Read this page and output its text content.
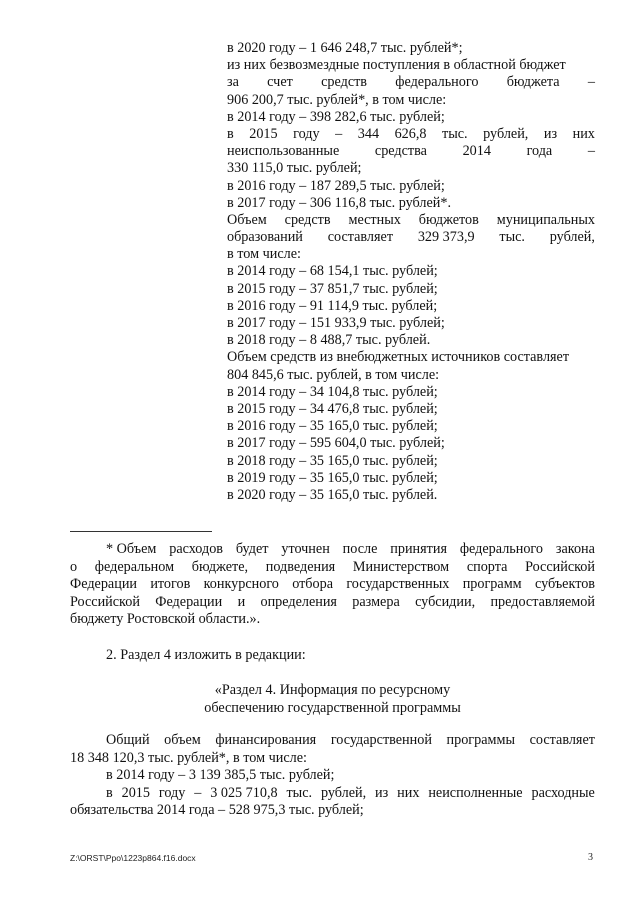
в 2020 году – 1 646 248,7 тыс. рублей*;
из них безвозмездные поступления в областной бюджет
за счет средств федерального бюджета –
906 200,7 тыс. рублей*, в том числе:
в 2014 году – 398 282,6 тыс. рублей;
в 2015 году – 344 626,8 тыс. рублей, из них
неиспользованные	средства	2014	года	–
330 115,0 тыс. рублей;
в 2016 году – 187 289,5 тыс. рублей;
в 2017 году – 306 116,8 тыс. рублей*.
Объем средств местных бюджетов муниципальных
образований составляет 329 373,9 тыс. рублей,
в том числе:
в 2014 году – 68 154,1 тыс. рублей;
в 2015 году – 37 851,7 тыс. рублей;
в 2016 году – 91 114,9 тыс. рублей;
в 2017 году – 151 933,9 тыс. рублей;
в 2018 году – 8 488,7 тыс. рублей.
Объем средств из внебюджетных источников составляет
804 845,6 тыс. рублей, в том числе:
в 2014 году – 34 104,8 тыс. рублей;
в 2015 году – 34 476,8 тыс. рублей;
в 2016 году – 35 165,0 тыс. рублей;
в 2017 году – 595 604,0 тыс. рублей;
в 2018 году – 35 165,0 тыс. рублей;
в 2019 году – 35 165,0 тыс. рублей;
в 2020 году – 35 165,0 тыс. рублей.
* Объем расходов будет уточнен после принятия федерального закона
о федеральном бюджете, подведения Министерством спорта Российской
Федерации итогов конкурсного отбора государственных программ субъектов
Российской Федерации и определения размера субсидии, предоставляемой
бюджету Ростовской области.».
2. Раздел 4 изложить в редакции:
«Раздел 4. Информация по ресурсному
обеспечению государственной программы
Общий объем финансирования государственной программы составляет
18 348 120,3 тыс. рублей*, в том числе:
в 2014 году – 3 139 385,5 тыс. рублей;
в 2015 году – 3 025 710,8 тыс. рублей, из них неисполненные расходные
обязательства 2014 года – 528 975,3 тыс. рублей;
Z:\ORST\Ppo\1223p864.f16.docx	3
